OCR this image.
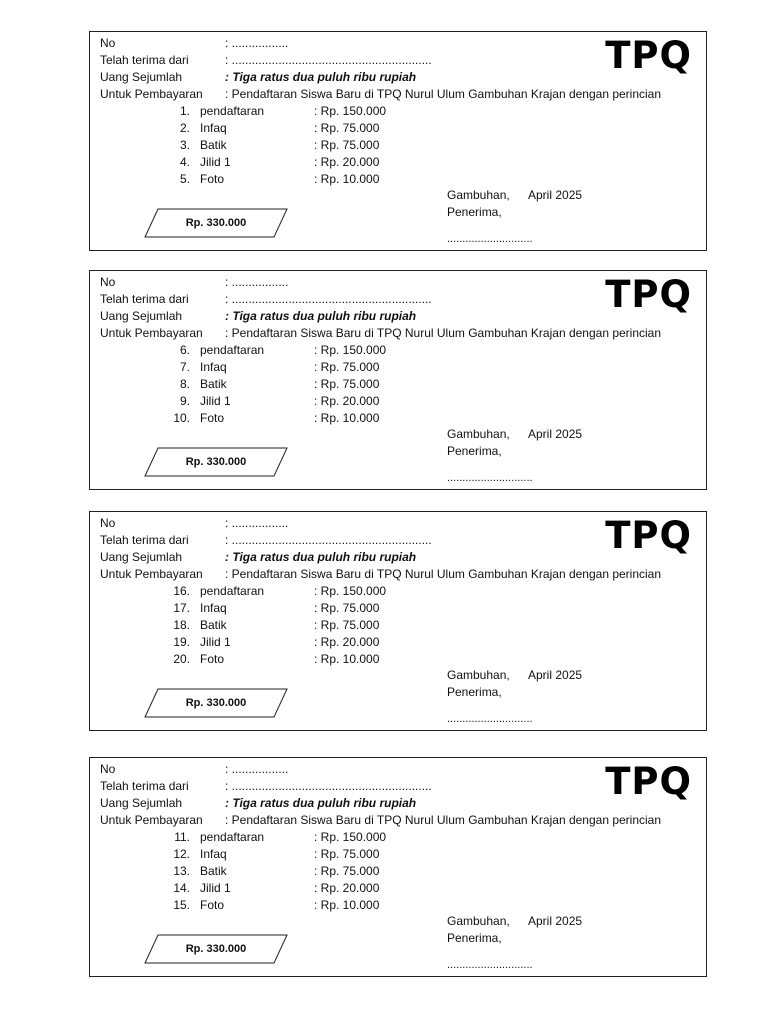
No	: .................
Telah terima dari	: ............................................................
Uang Sejumlah	: Tiga ratus dua puluh ribu rupiah
Untuk Pembayaran	: Pendaftaran Siswa Baru di TPQ Nurul Ulum Gambuhan Krajan dengan perincian
1. pendaftaran	: Rp. 150.000
2. Infaq	: Rp. 75.000
3. Batik	: Rp. 75.000
4. Jilid 1	: Rp. 20.000
5. Foto	: Rp. 10.000
TPQ
Gambuhan, April 2025
Penerima,
............................
Rp. 330.000
No	: .................
Telah terima dari	: ............................................................
Uang Sejumlah	: Tiga ratus dua puluh ribu rupiah
Untuk Pembayaran	: Pendaftaran Siswa Baru di TPQ Nurul Ulum Gambuhan Krajan dengan perincian
6. pendaftaran	: Rp. 150.000
7. Infaq	: Rp. 75.000
8. Batik	: Rp. 75.000
9. Jilid 1	: Rp. 20.000
10. Foto	: Rp. 10.000
TPQ
Gambuhan, April 2025
Penerima,
............................
Rp. 330.000
No	: .................
Telah terima dari	: ............................................................
Uang Sejumlah	: Tiga ratus dua puluh ribu rupiah
Untuk Pembayaran	: Pendaftaran Siswa Baru di TPQ Nurul Ulum Gambuhan Krajan dengan perincian
16. pendaftaran	: Rp. 150.000
17. Infaq	: Rp. 75.000
18. Batik	: Rp. 75.000
19. Jilid 1	: Rp. 20.000
20. Foto	: Rp. 10.000
TPQ
Gambuhan, April 2025
Penerima,
............................
Rp. 330.000
No	: .................
Telah terima dari	: ............................................................
Uang Sejumlah	: Tiga ratus dua puluh ribu rupiah
Untuk Pembayaran	: Pendaftaran Siswa Baru di TPQ Nurul Ulum Gambuhan Krajan dengan perincian
11. pendaftaran	: Rp. 150.000
12. Infaq	: Rp. 75.000
13. Batik	: Rp. 75.000
14. Jilid 1	: Rp. 20.000
15. Foto	: Rp. 10.000
TPQ
Gambuhan, April 2025
Penerima,
............................
Rp. 330.000
